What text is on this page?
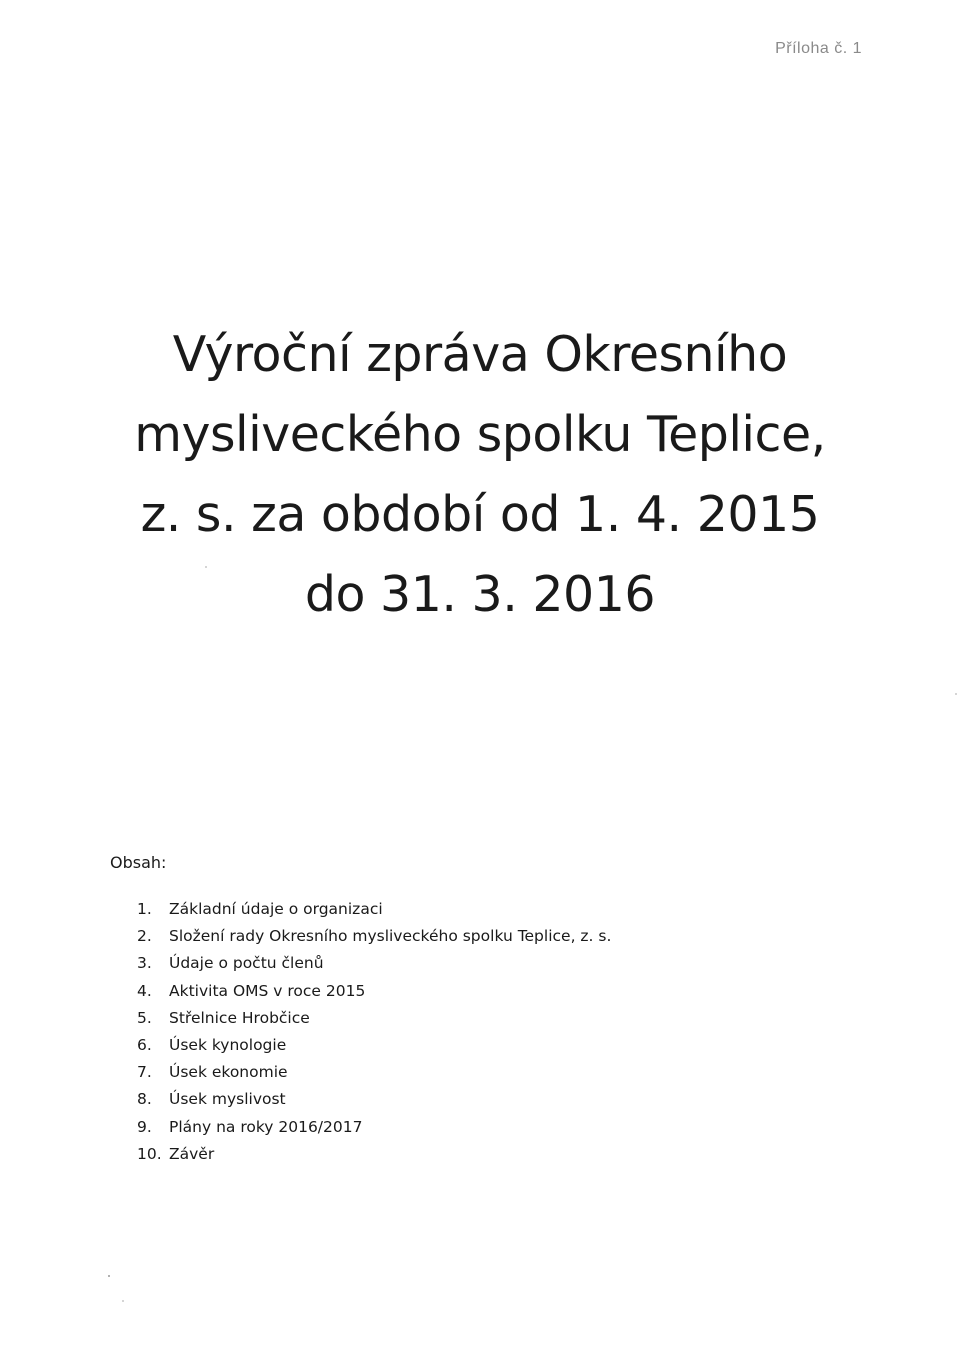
Příloha č. 1
Výroční zpráva Okresního
mysliveckého spolku Teplice,
z. s. za období od 1. 4. 2015
do 31. 3. 2016
Obsah:
1. Základní údaje o organizaci
2. Složení rady Okresního mysliveckého spolku Teplice, z. s.
3. Údaje o počtu členů
4. Aktivita OMS v roce 2015
5. Střelnice Hrobčice
6. Úsek kynologie
7. Úsek ekonomie
8. Úsek myslivost
9. Plány na roky 2016/2017
10. Závěr
